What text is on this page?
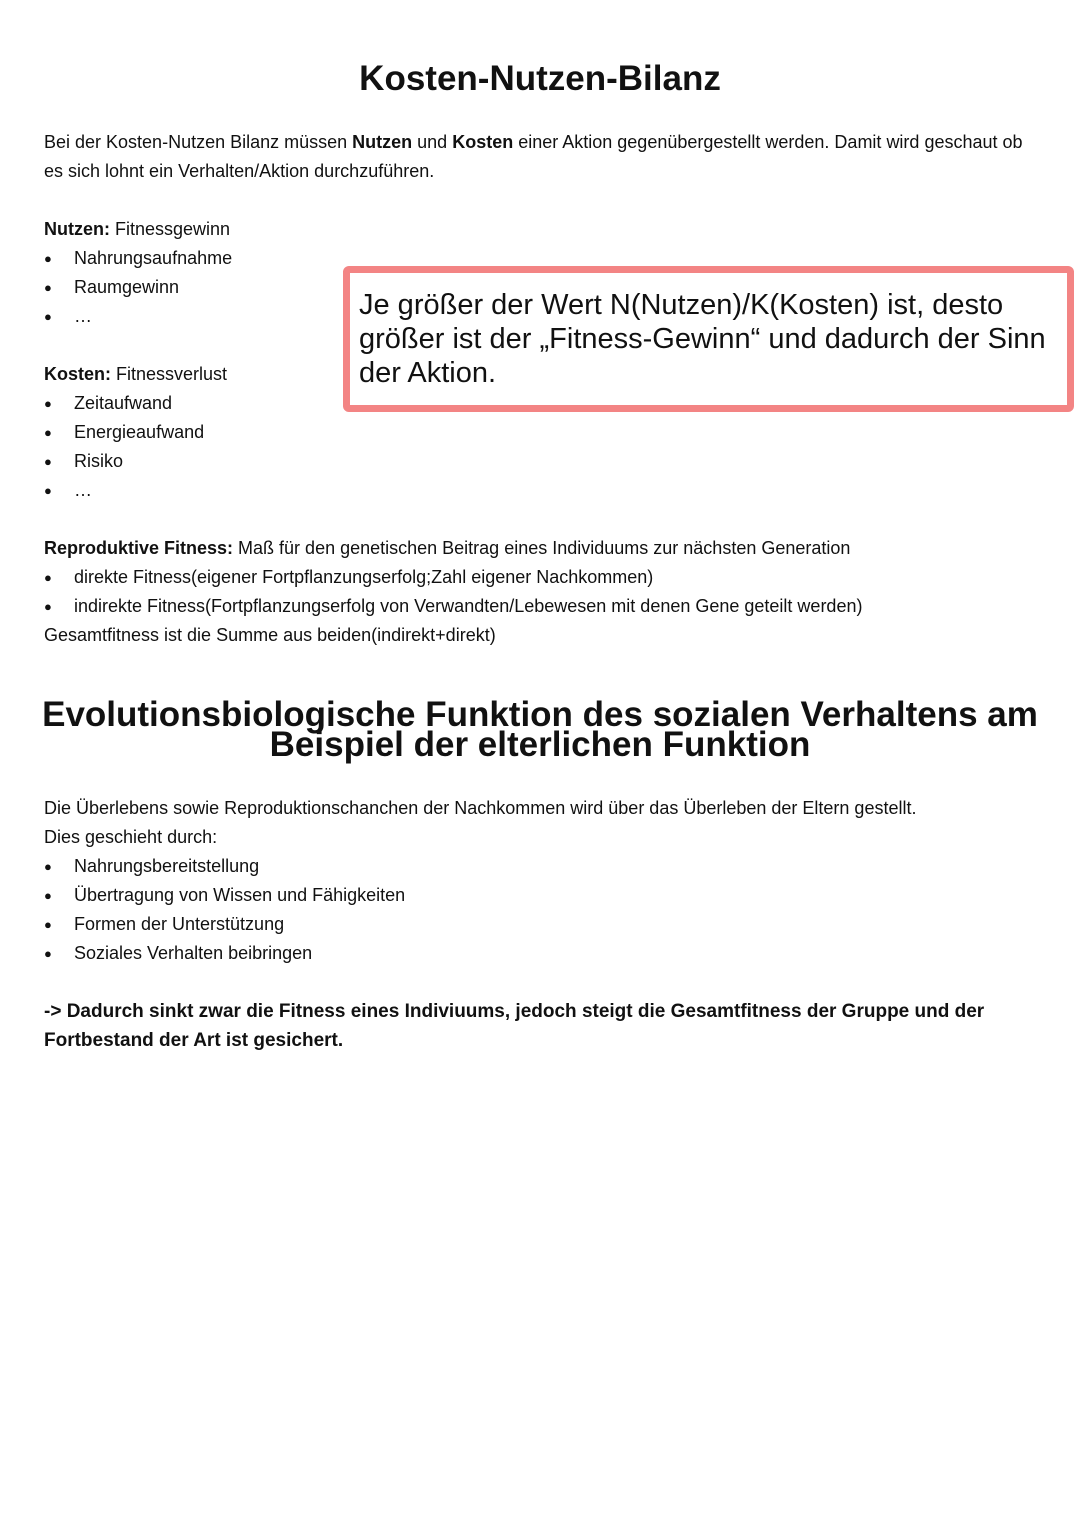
Kosten-Nutzen-Bilanz

Bei der Kosten-Nutzen Bilanz müssen Nutzen und Kosten einer Aktion gegenübergestellt werden. Damit wird geschaut ob es sich lohnt ein Verhalten/Aktion durchzuführen.

Nutzen: Fitnessgewinn

● Nahrungsaufnahme
● Raumgewinn
● …

Kosten: Fitnessverlust

● Zeitaufwand
● Energieaufwand
● Risiko
● …

Je größer der Wert N(Nutzen)/K(Kosten) ist, desto
größer ist der „Fitness-Gewinn“ und dadurch der Sinn
der Aktion.

Reproduktive Fitness: Maß für den genetischen Beitrag eines Individuums zur nächsten Generation

● direkte Fitness(eigener Fortpflanzungserfolg;Zahl eigener Nachkommen)
● indirekte Fitness(Fortpflanzungserfolg von Verwandten/Lebewesen mit denen Gene geteilt werden)

Gesamtfitness ist die Summe aus beiden(indirekt+direkt)

Evolutionsbiologische Funktion des sozialen Verhaltens am
Beispiel der elterlichen Funktion

Die Überlebens sowie Reproduktionschanchen der Nachkommen wird über das Überleben der Eltern gestellt.

Dies geschieht durch:

● Nahrungsbereitstellung
● Übertragung von Wissen und Fähigkeiten
● Formen der Unterstützung
● Soziales Verhalten beibringen

-> Dadurch sinkt zwar die Fitness eines Indiviuums, jedoch steigt die Gesamtfitness der Gruppe und der Fortbestand der Art ist gesichert.
